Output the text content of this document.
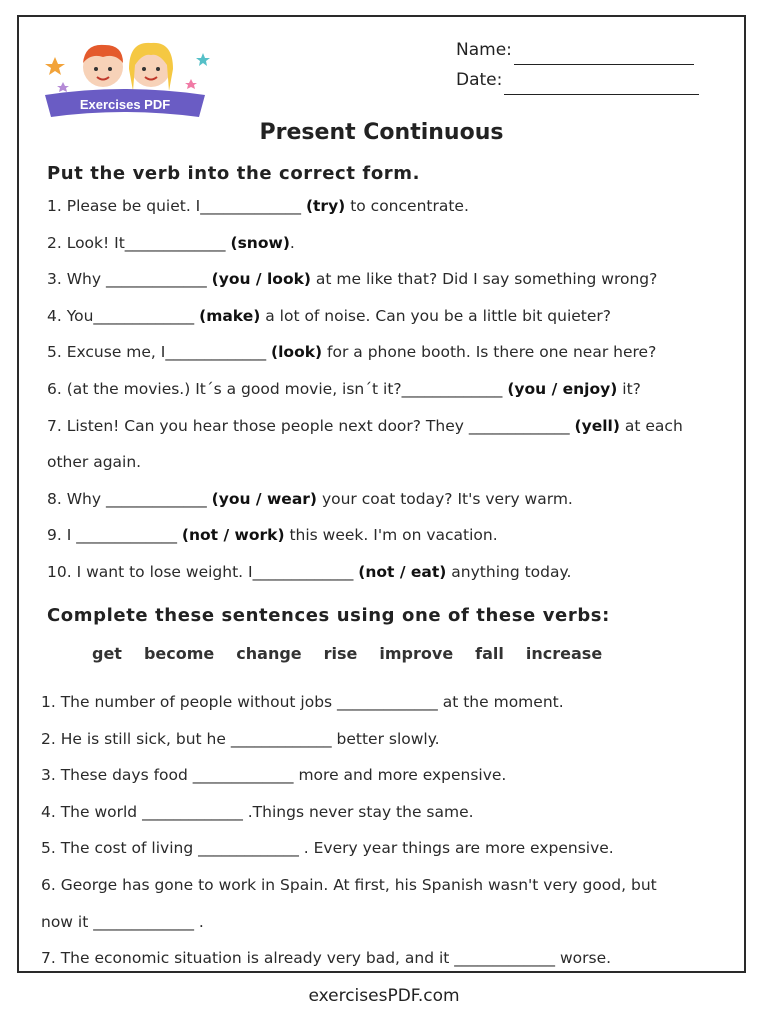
Exercises PDF
Name:
Date:
Present Continuous
Put the verb into the correct form.
1. Please be quiet. I_____________ (try) to concentrate.
2. Look! It_____________ (snow).
3. Why _____________ (you / look) at me like that? Did I say something wrong?
4. You_____________ (make) a lot of noise. Can you be a little bit quieter?
5. Excuse me, I_____________ (look) for a phone booth. Is there one near here?
6. (at the movies.) It´s a good movie, isn´t it?_____________ (you / enjoy) it?
7. Listen! Can you hear those people next door? They _____________ (yell) at each
other again.
8. Why _____________ (you / wear) your coat today? It's very warm.
9. I _____________ (not / work) this week. I'm on vacation.
10. I want to lose weight. I_____________ (not / eat) anything today.
Complete these sentences using one of these verbs:
get become change rise improve fall increase
1. The number of people without jobs _____________ at the moment.
2. He is still sick, but he _____________ better slowly.
3. These days food _____________ more and more expensive.
4. The world _____________ .Things never stay the same.
5. The cost of living _____________ . Every year things are more expensive.
6. George has gone to work in Spain. At first, his Spanish wasn't very good, but
now it _____________ .
7. The economic situation is already very bad, and it _____________ worse.
exercisesPDF.com
